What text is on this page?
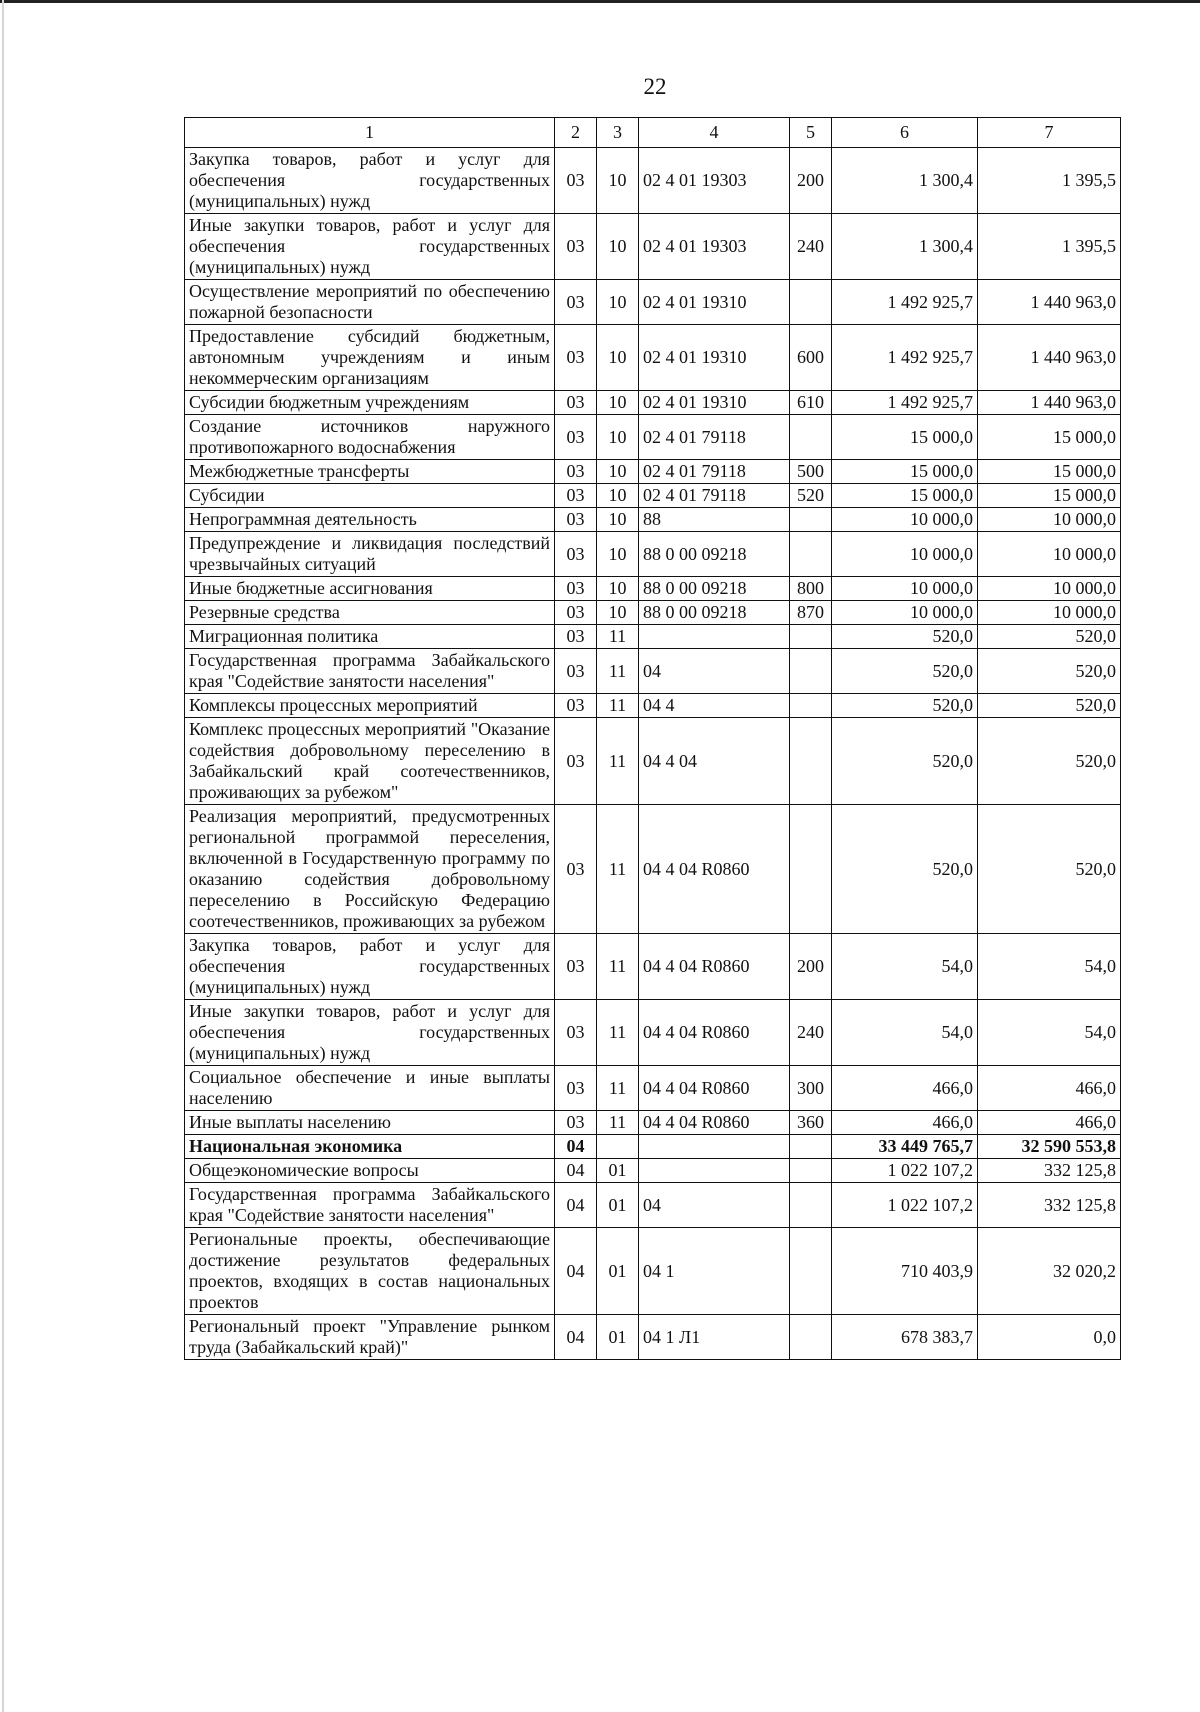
22
1	2	3	4	5	6	7
Закупка товаров, работ и услуг для обеспечения государственных (муниципальных) нужд	03	10	02 4 01 19303	200	1 300,4	1 395,5
Иные закупки товаров, работ и услуг для обеспечения государственных (муниципальных) нужд	03	10	02 4 01 19303	240	1 300,4	1 395,5
Осуществление мероприятий по обеспечению пожарной безопасности	03	10	02 4 01 19310		1 492 925,7	1 440 963,0
Предоставление субсидий бюджетным, автономным учреждениям и иным некоммерческим организациям	03	10	02 4 01 19310	600	1 492 925,7	1 440 963,0
Субсидии бюджетным учреждениям	03	10	02 4 01 19310	610	1 492 925,7	1 440 963,0
Создание источников наружного противопожарного водоснабжения	03	10	02 4 01 79118		15 000,0	15 000,0
Межбюджетные трансферты	03	10	02 4 01 79118	500	15 000,0	15 000,0
Субсидии	03	10	02 4 01 79118	520	15 000,0	15 000,0
Непрограммная деятельность	03	10	88		10 000,0	10 000,0
Предупреждение и ликвидация последствий чрезвычайных ситуаций	03	10	88 0 00 09218		10 000,0	10 000,0
Иные бюджетные ассигнования	03	10	88 0 00 09218	800	10 000,0	10 000,0
Резервные средства	03	10	88 0 00 09218	870	10 000,0	10 000,0
Миграционная политика	03	11			520,0	520,0
Государственная программа Забайкальского края "Содействие занятости населения"	03	11	04		520,0	520,0
Комплексы процессных мероприятий	03	11	04 4		520,0	520,0
Комплекс процессных мероприятий "Оказание содействия добровольному переселению в Забайкальский край соотечественников, проживающих за рубежом"	03	11	04 4 04		520,0	520,0
Реализация мероприятий, предусмотренных региональной программой переселения, включенной в Государственную программу по оказанию содействия добровольному переселению в Российскую Федерацию соотечественников, проживающих за рубежом	03	11	04 4 04 R0860		520,0	520,0
Закупка товаров, работ и услуг для обеспечения государственных (муниципальных) нужд	03	11	04 4 04 R0860	200	54,0	54,0
Иные закупки товаров, работ и услуг для обеспечения государственных (муниципальных) нужд	03	11	04 4 04 R0860	240	54,0	54,0
Социальное обеспечение и иные выплаты населению	03	11	04 4 04 R0860	300	466,0	466,0
Иные выплаты населению	03	11	04 4 04 R0860	360	466,0	466,0
Национальная экономика	04				33 449 765,7	32 590 553,8
Общеэкономические вопросы	04	01			1 022 107,2	332 125,8
Государственная программа Забайкальского края "Содействие занятости населения"	04	01	04		1 022 107,2	332 125,8
Региональные проекты, обеспечивающие достижение результатов федеральных проектов, входящих в состав национальных проектов	04	01	04 1		710 403,9	32 020,2
Региональный проект "Управление рынком труда (Забайкальский край)"	04	01	04 1 Л1		678 383,7	0,0
